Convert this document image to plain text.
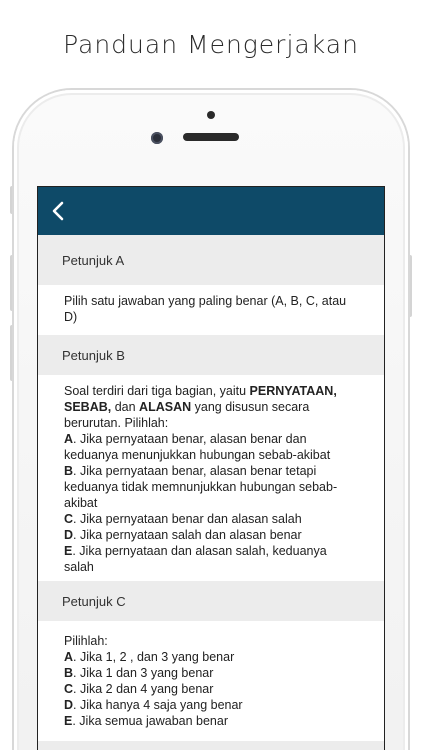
Panduan Mengerjakan
Petunjuk A

Pilih satu jawaban yang paling benar (A, B, C, atau D)

Petunjuk B

Soal terdiri dari tiga bagian, yaitu PERNYATAAN, SEBAB, dan ALASAN yang disusun secara berurutan. Pilihlah:

A. Jika pernyataan benar, alasan benar dan keduanya menunjukkan hubungan sebab-akibat

B. Jika pernyataan benar, alasan benar tetapi keduanya tidak memnunjukkan hubungan sebab-akibat

C. Jika pernyataan benar dan alasan salah

D. Jika pernyataan salah dan alasan benar

E. Jika pernyataan dan alasan salah, keduanya salah

Petunjuk C

Pilihlah:

A. Jika 1, 2 , dan 3 yang benar

B. Jika 1 dan 3 yang benar

C. Jika 2 dan 4 yang benar

D. Jika hanya 4 saja yang benar

E. Jika semua jawaban benar
